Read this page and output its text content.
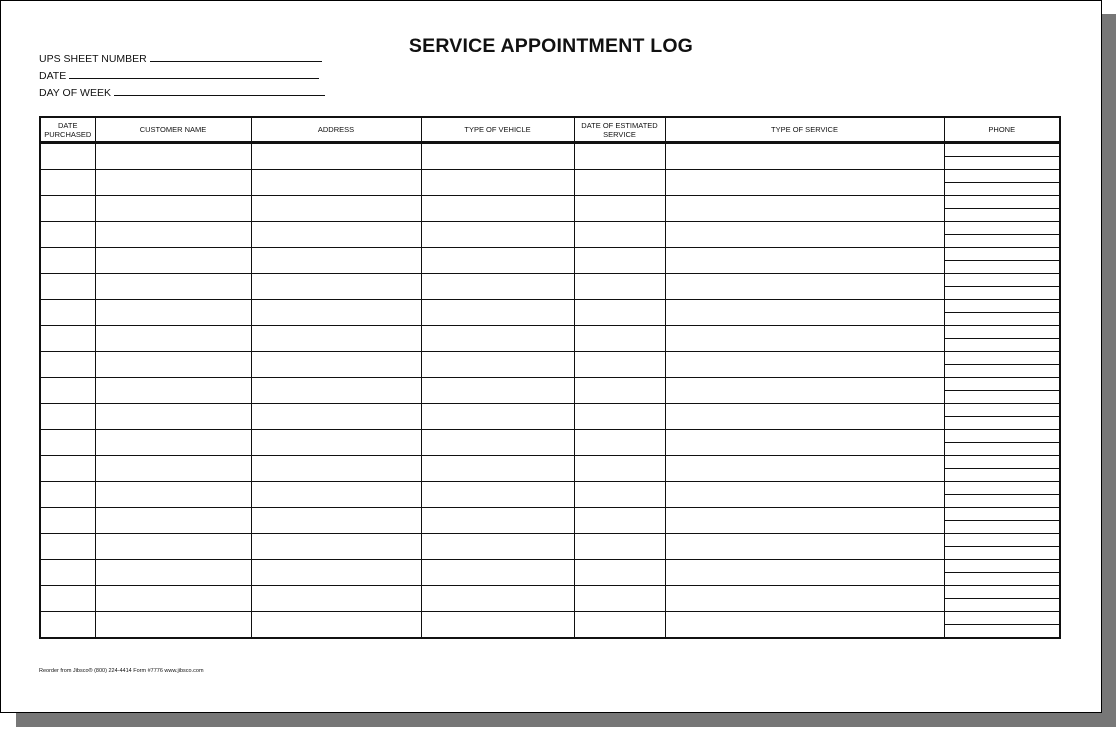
SERVICE APPOINTMENT LOG
UPS SHEET NUMBER
DATE
DAY OF WEEK
DATE PURCHASED	CUSTOMER NAME	ADDRESS	TYPE OF VEHICLE	DATE OF ESTIMATED SERVICE	TYPE OF SERVICE	PHONE

Reorder from Jibsco® (800) 224-4414 Form #7776 www.jibsco.com
